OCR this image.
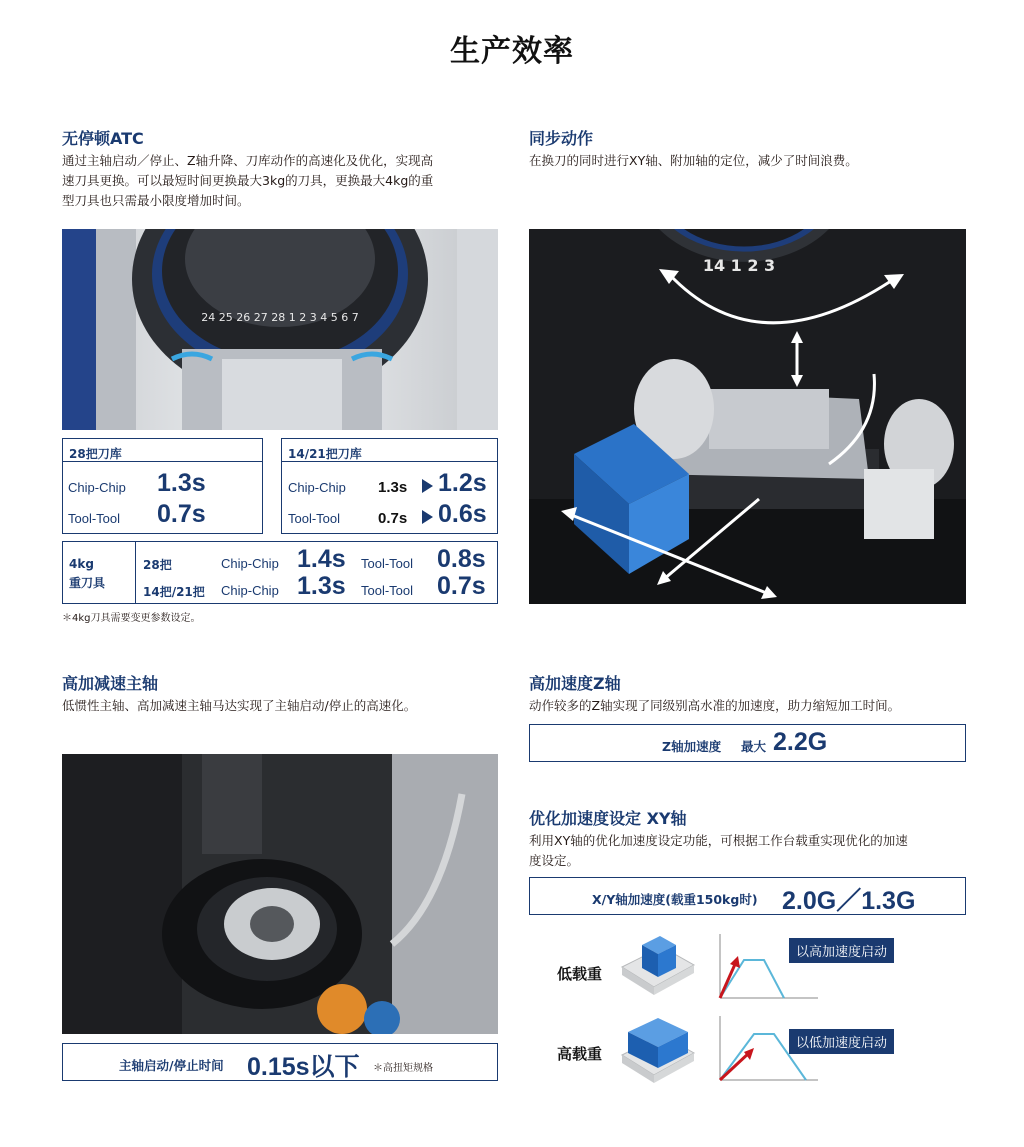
生产效率
无停顿ATC
通过主轴启动／停止、Z轴升降、刀库动作的高速化及优化，实现高
速刀具更换。可以最短时间更换最大3kg的刀具，更换最大4kg的重
型刀具也只需最小限度增加时间。
24 25 26 27 28 1 2 3 4 5 6 7
28把刀库
Chip-Chip 1.3s
Tool-Tool 0.7s
14/21把刀库
Chip-Chip 1.3s 1.2s
Tool-Tool	0.7s 0.6s
4kg
重刀具
28把	Chip-Chip 1.4s Tool-Tool 0.8s
14把/21把 Chip-Chip 1.3s Tool-Tool 0.7s
＊4kg刀具需要变更参数设定。
同步动作
在换刀的同时进行XY轴、附加轴的定位，减少了时间浪费。
14 1 2 3
高加减速主轴
低惯性主轴、高加减速主轴马达实现了主轴启动/停止的高速化。
主轴启动/停止时间 0.15s以下 ＊高扭矩规格
高加速度Z轴
动作较多的Z轴实现了同级别高水准的加速度，助力缩短加工时间。
Z轴加速度 最大 2.2G
优化加速度设定 XY轴
利用XY轴的优化加速度设定功能，可根据工作台载重实现优化的加速
度设定。
X/Y轴加速度(载重150kg时) 2.0G／1.3G
低载重
以高加速度启动
高载重
以低加速度启动
